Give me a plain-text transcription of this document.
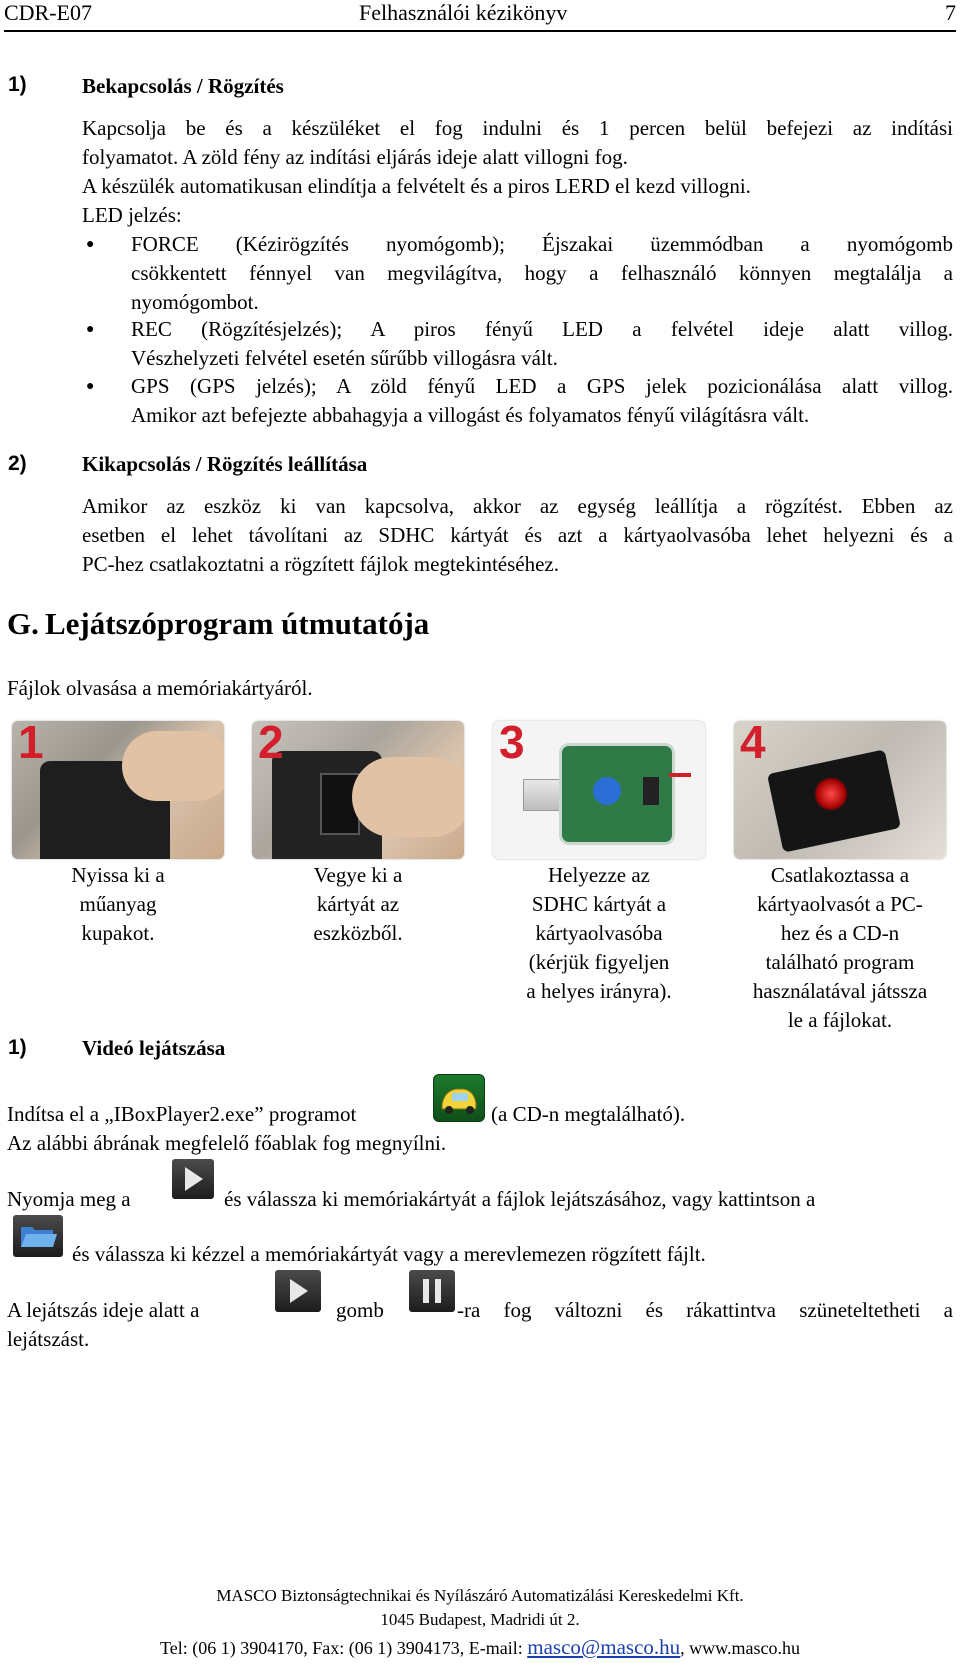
CDR-E07	Felhasználói kézikönyv	7
1)	Bekapcsolás / Rögzítés
Kapcsolja be és a készüléket el fog indulni és 1 percen belül befejezi az indítási
folyamatot. A zöld fény az indítási eljárás ideje alatt villogni fog.
A készülék automatikusan elindítja a felvételt és a piros LERD el kezd villogni.
LED jelzés:
● FORCE (Kézirögzítés nyomógomb); Éjszakai üzemmódban a nyomógomb
csökkentett fénnyel van megvilágítva, hogy a felhasználó könnyen megtalálja a
nyomógombot.
● REC (Rögzítésjelzés); A piros fényű LED a felvétel ideje alatt villog.
Vészhelyzeti felvétel esetén sűrűbb villogásra vált.
● GPS (GPS jelzés); A zöld fényű LED a GPS jelek pozicionálása alatt villog.
Amikor azt befejezte abbahagyja a villogást és folyamatos fényű világításra vált.
2)	Kikapcsolás / Rögzítés leállítása
Amikor az eszköz ki van kapcsolva, akkor az egység leállítja a rögzítést. Ebben az
esetben el lehet távolítani az SDHC kártyát és azt a kártyaolvasóba lehet helyezni és a
PC-hez csatlakoztatni a rögzített fájlok megtekintéséhez.
G. Lejátszóprogram útmutatója
Fájlok olvasása a memóriakártyáról.
1	2	3	4
Nyissa ki a
műanyag
kupakot.
Vegye ki a
kártyát az
eszközből.
Helyezze az
SDHC kártyát a
kártyaolvasóba
(kérjük figyeljen
a helyes irányra).
Csatlakoztassa a
kártyaolvasót a PC-
hez és a CD-n
található program
használatával játssza
le a fájlokat.
1)	Videó lejátszása
Indítsa el a „IBoxPlayer2.exe” programot	(a CD-n megtalálható).
Az alábbi ábrának megfelelő főablak fog megnyílni.
Nyomja meg a	és válassza ki memóriakártyát a fájlok lejátszásához, vagy kattintson a
és válassza ki kézzel a memóriakártyát vagy a merevlemezen rögzített fájlt.
A lejátszás ideje alatt a	gomb	-ra fog változni és rákattintva szüneteltetheti a
lejátszást.
MASCO Biztonságtechnikai és Nyílászáró Automatizálási Kereskedelmi Kft.
1045 Budapest, Madridi út 2.
Tel: (06 1) 3904170, Fax: (06 1) 3904173, E-mail: masco@masco.hu, www.masco.hu
